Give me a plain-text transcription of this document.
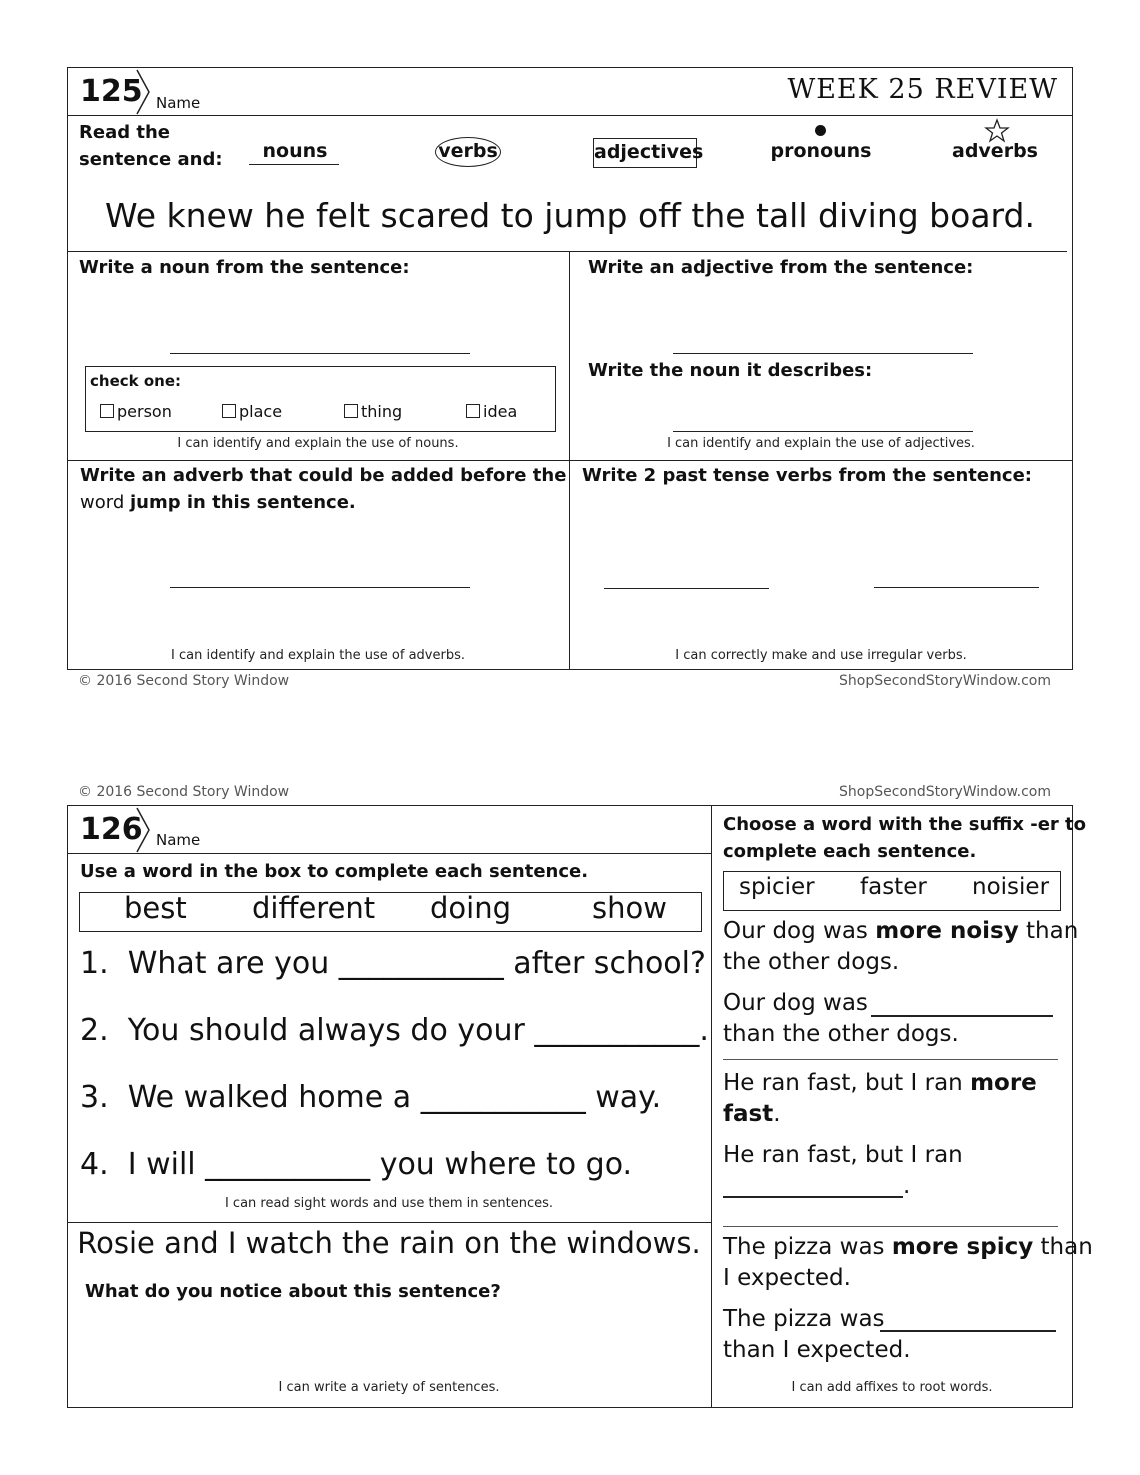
125 Name	WEEK 25 REVIEW
Read the
sentence and:	nouns	verbs	adjectives	pronouns	adverbs
We knew he felt scared to jump off the tall diving board.
Write a noun from the sentence:
check one:
person	place	thing	idea
I can identify and explain the use of nouns.
Write an adjective from the sentence:
Write the noun it describes:
I can identify and explain the use of adjectives.
Write an adverb that could be added before the
word jump in this sentence.
I can identify and explain the use of adverbs.
Write 2 past tense verbs from the sentence:
I can correctly make and use irregular verbs.
© 2016 Second Story Window	ShopSecondStoryWindow.com
© 2016 Second Story Window	ShopSecondStoryWindow.com
126 Name
Use a word in the box to complete each sentence.
best different doing	show
1.  What are you ___________ after school?
2.  You should always do your ___________.
3.  We walked home a ___________ way.
4.  I will ___________ you where to go.
I can read sight words and use them in sentences.
Rosie and I watch the rain on the windows.
What do you notice about this sentence?
I can write a variety of sentences.
Choose a word with the suffix -er to
complete each sentence.
spicier faster noisier
Our dog was more noisy than
the other dogs.
Our dog was
than the other dogs.
He ran fast, but I ran more
fast.
He ran fast, but I ran
.
The pizza was more spicy than
I expected.
The pizza was
than I expected.
I can add affixes to root words.
